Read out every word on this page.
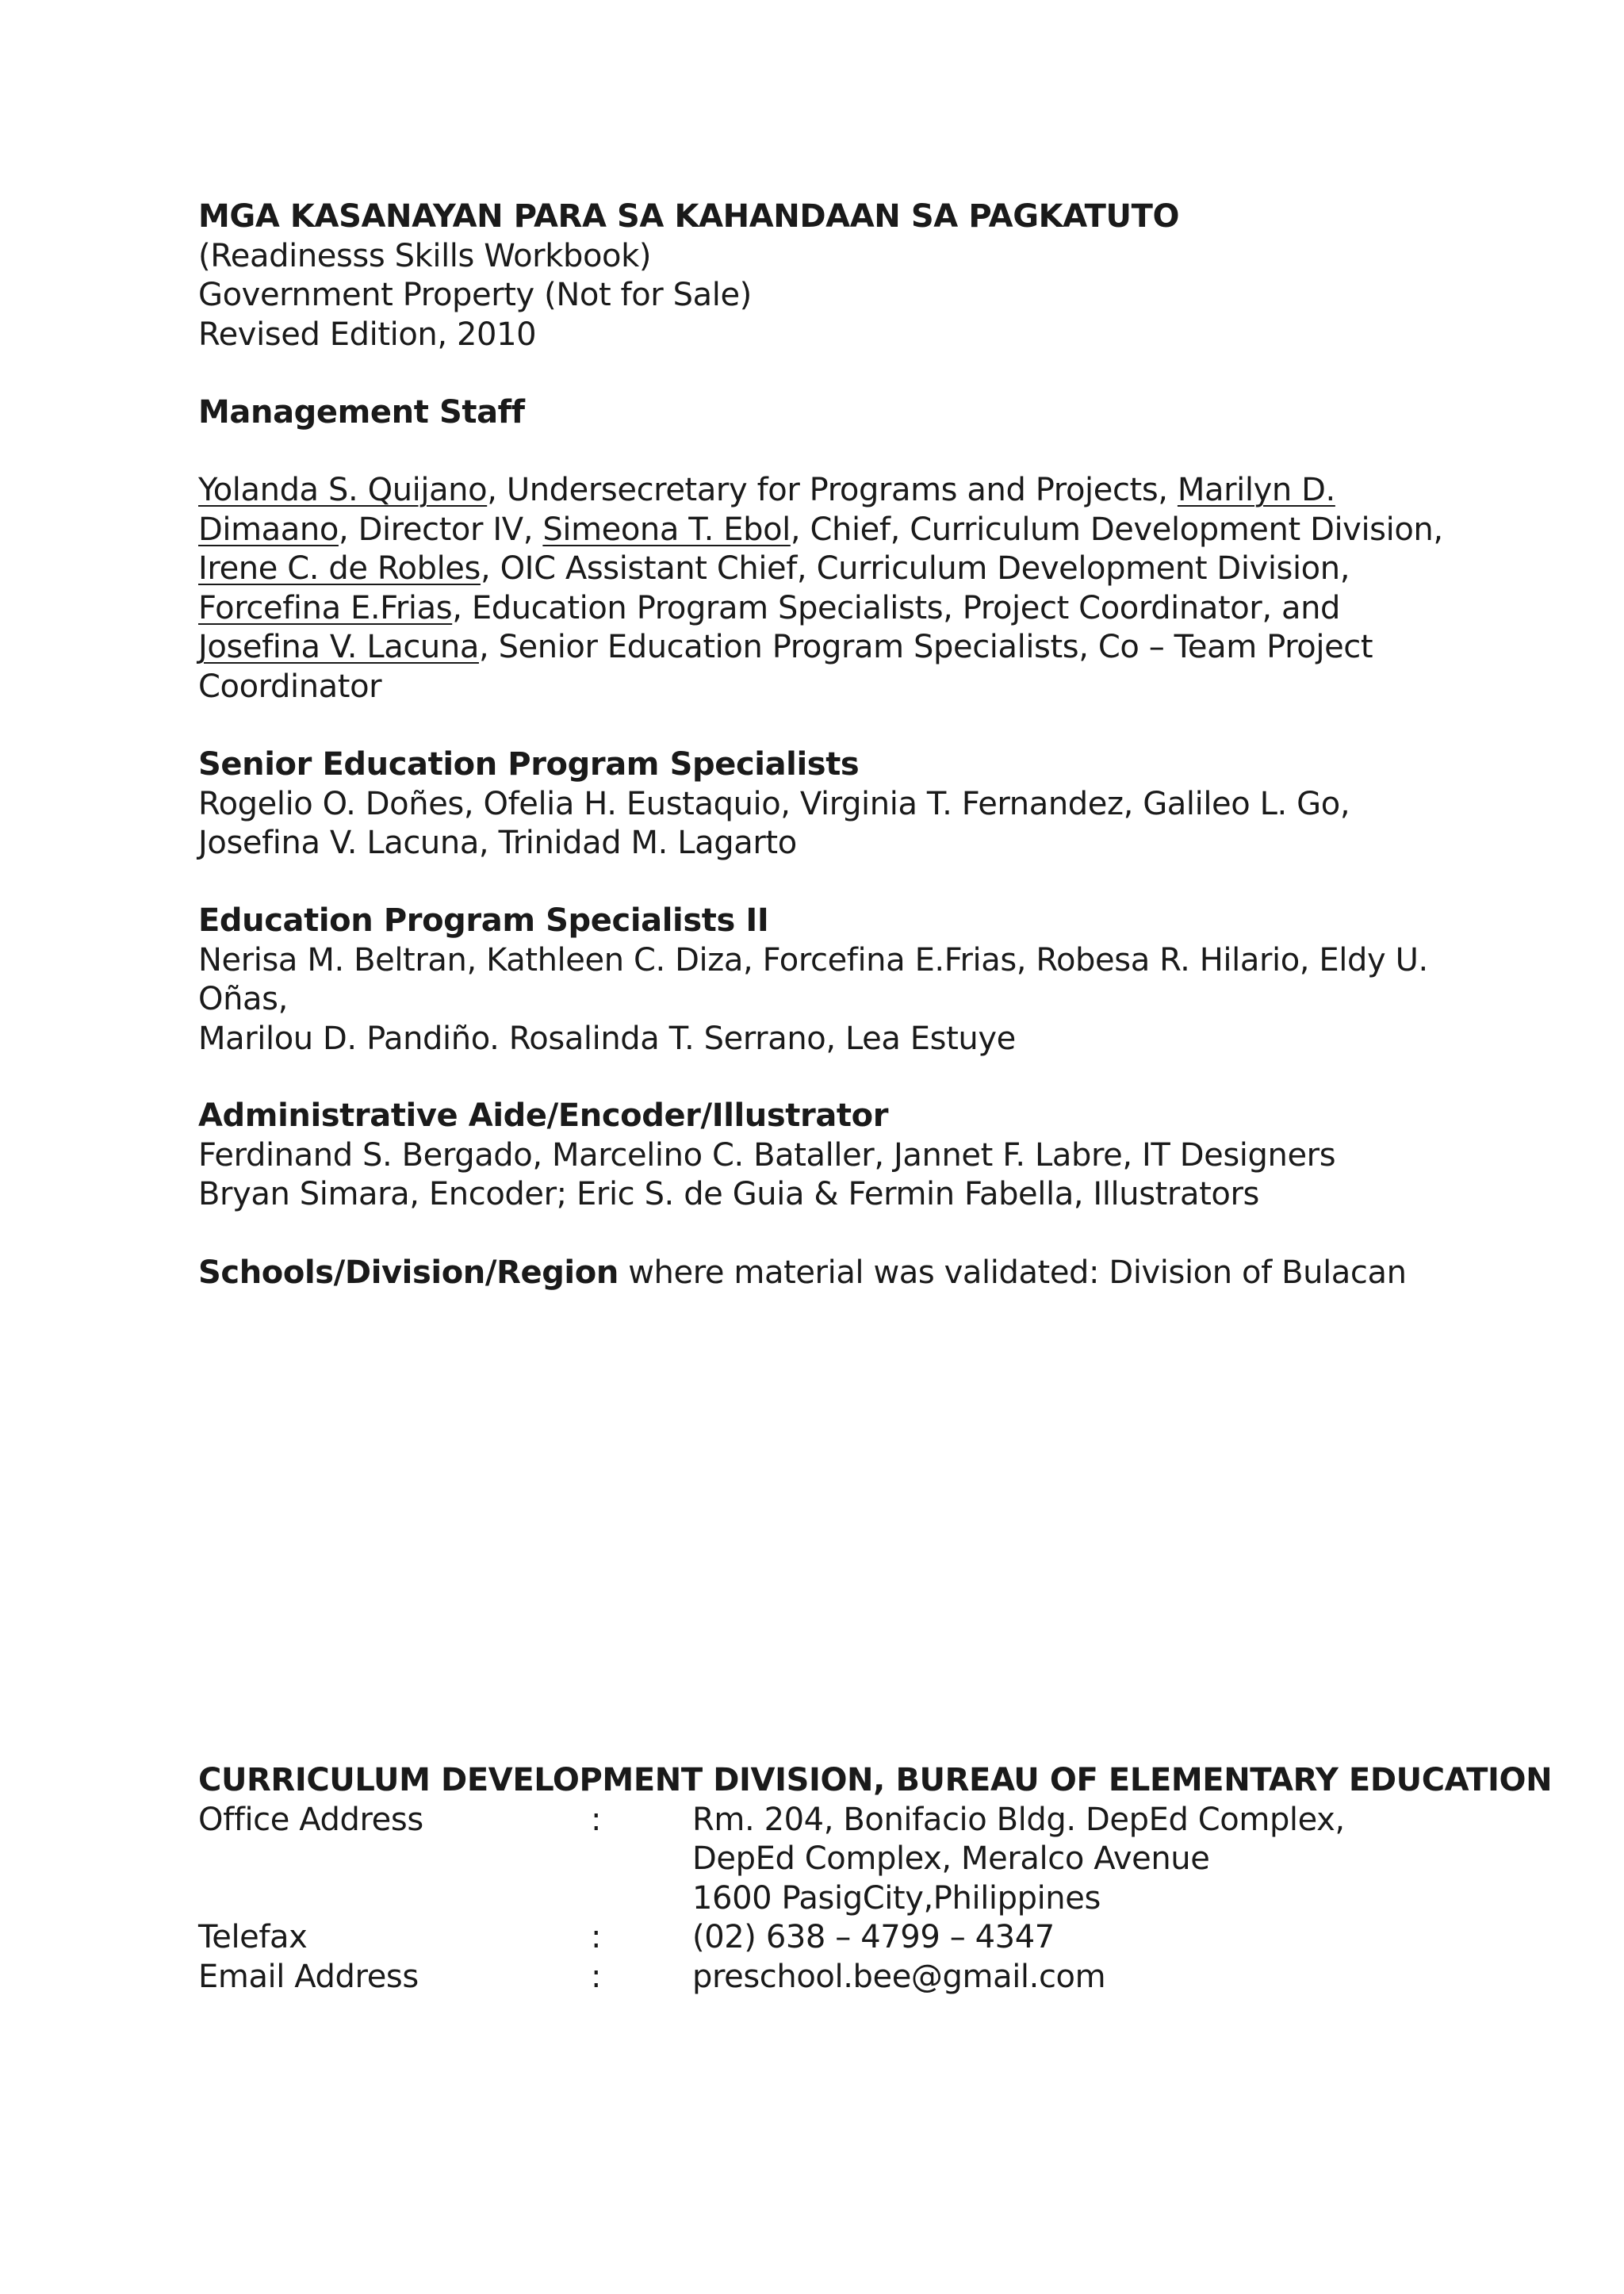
MGA KASANAYAN PARA SA KAHANDAAN SA PAGKATUTO
(Readinesss Skills Workbook)
Government Property (Not for Sale)
Revised Edition, 2010
Management Staff
Yolanda S. Quijano, Undersecretary for Programs and Projects, Marilyn D. Dimaano, Director IV, Simeona T. Ebol, Chief, Curriculum Development Division, Irene C. de Robles, OIC Assistant Chief, Curriculum Development Division, Forcefina E.Frias, Education Program Specialists, Project Coordinator, and Josefina V. Lacuna, Senior Education Program Specialists, Co – Team Project Coordinator
Senior Education Program Specialists
Rogelio O. Doñes, Ofelia H. Eustaquio, Virginia T. Fernandez, Galileo L. Go,
Josefina V. Lacuna, Trinidad M. Lagarto
Education Program Specialists II
Nerisa M. Beltran, Kathleen C. Diza, Forcefina E.Frias, Robesa R. Hilario, Eldy U.
Oñas,
Marilou D. Pandiño. Rosalinda T. Serrano, Lea Estuye
Administrative Aide/Encoder/Illustrator
Ferdinand S. Bergado, Marcelino C. Bataller, Jannet F. Labre, IT Designers
Bryan Simara, Encoder; Eric S. de Guia & Fermin Fabella, Illustrators
Schools/Division/Region where material was validated: Division of Bulacan
CURRICULUM DEVELOPMENT DIVISION, BUREAU OF ELEMENTARY EDUCATION
Office Address	:	Rm. 204, Bonifacio Bldg. DepEd Complex,
DepEd Complex, Meralco Avenue
1600 PasigCity,Philippines
Telefax	:	(02) 638 – 4799 – 4347
Email Address	:	preschool.bee@gmail.com
